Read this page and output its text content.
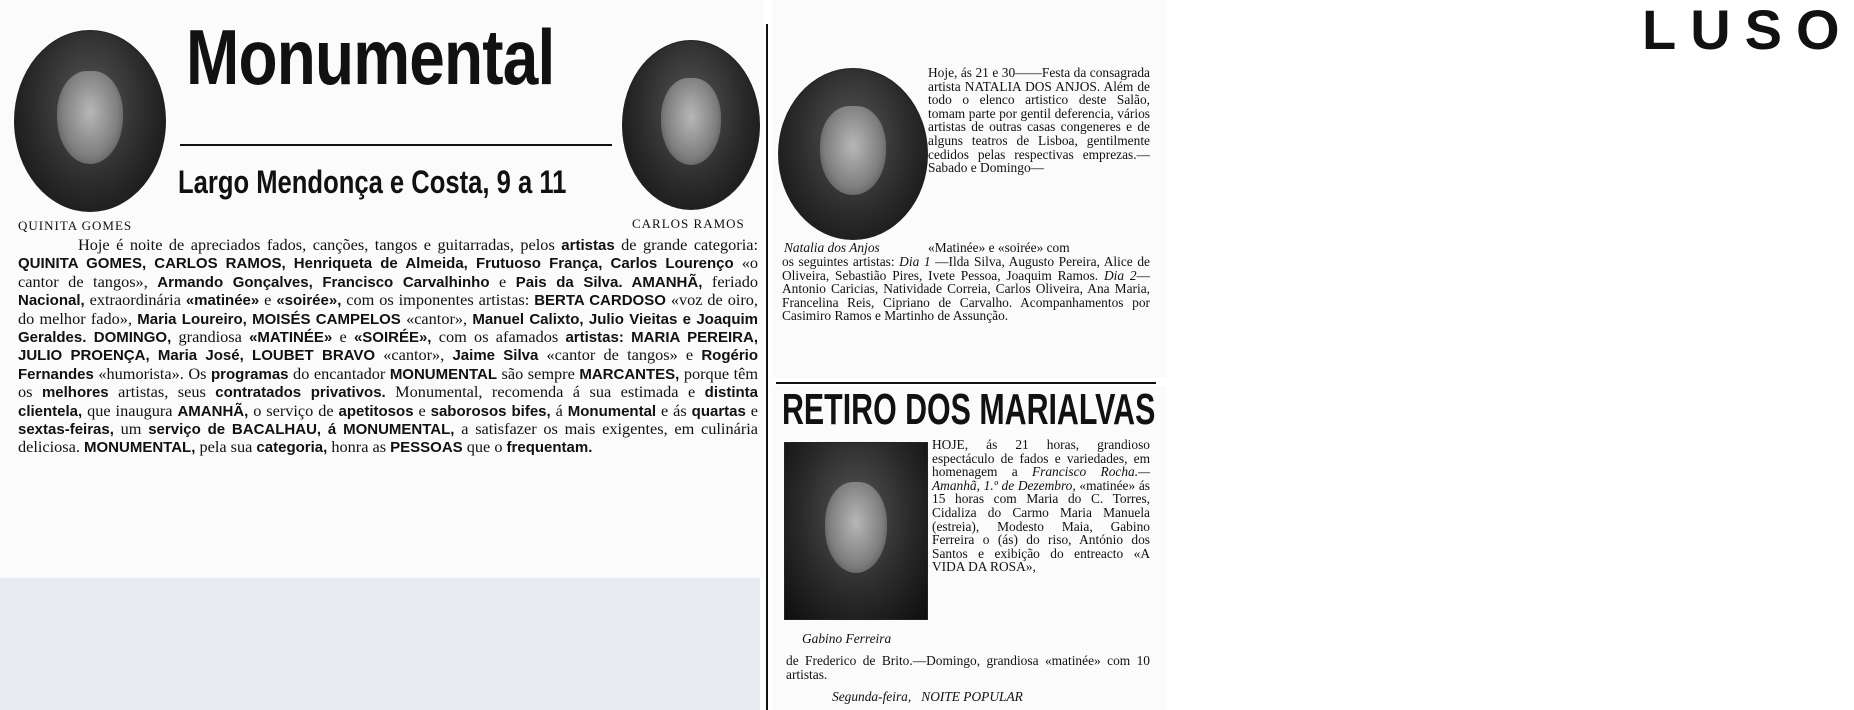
QUINITA GOMES
Monumental
Largo Mendonça e Costa, 9 a 11
CARLOS RAMOS

Hoje é noite de apreciados fados, canções, tangos e guitarradas, pelos artistas de grande categoria: QUINITA GOMES, CARLOS RAMOS, Henriqueta de Almeida, Frutuoso França, Carlos Lourenço «o cantor de tangos», Armando Gonçalves, Francisco Carvalhinho e Pais da Silva. AMANHÃ, feriado Nacional, extraordinária «matinée» e «soirée», com os imponentes artistas: BERTA CARDOSO «voz de oiro, do melhor fado», Maria Loureiro, MOISÉS CAMPELOS «cantor», Manuel Calixto, Julio Vieitas e Joaquim Geraldes. DOMINGO, grandiosa «MATINÉE» e «SOIRÉE», com os afamados artistas: MARIA PEREIRA, JULIO PROENÇA, Maria José, LOUBET BRAVO «cantor», Jaime Silva «cantor de tangos» e Rogério Fernandes «humorista». Os programas do encantador MONUMENTAL são sempre MARCANTES, porque têm os melhores artistas, seus contratados privativos. Monumental, recomenda á sua estimada e distinta clientela, que inaugura AMANHÃ, o serviço de apetitosos e saborosos bifes, á Monumental e ás quartas e sextas-feiras, um serviço de BACALHAU, á MONUMENTAL, a satisfazer os mais exigentes, em culinária deliciosa. MONUMENTAL, pela sua categoria, honra as PESSOAS que o frequentam.

LUSO

Hoje, ás 21 e 30——Festa da consagrada artista NATALIA DOS ANJOS. Além de todo o elenco artistico deste Salão, tomam parte por gentil deferencia, vários artistas de outras casas congeneres e de alguns teatros de Lisboa, gentilmente cedidos pelas respectivas emprezas.—Sabado e Domingo—

Natalia dos Anjos	«Matinée» e «soirée» com

os seguintes artistas: Dia 1 —Ilda Silva, Augusto Pereira, Alice de Oliveira, Sebastião Pires, Ivete Pessoa, Joaquim Ramos. Dia 2—Antonio Caricias, Natividade Correia, Carlos Oliveira, Ana Maria, Francelina Reis, Cipriano de Carvalho. Acompanhamentos por Casimiro Ramos e Martinho de Assunção.

RETIRO DOS MARIALVAS

HOJE, ás 21 horas, grandioso espectáculo de fados e variedades, em homenagem a Francisco Rocha.—Amanhã, 1.º de Dezembro, «matinée» ás 15 horas com Maria do C. Torres, Cidaliza do Carmo Maria Manuela (estreia), Modesto Maia, Gabino Ferreira o (ás) do riso, António dos Santos e exibição do entreacto «A VIDA DA ROSA»,

Gabino Ferreira

de Frederico de Brito.—Domingo, grandiosa «matinée» com 10 artistas.

Segunda-feira, NOITE POPULAR
